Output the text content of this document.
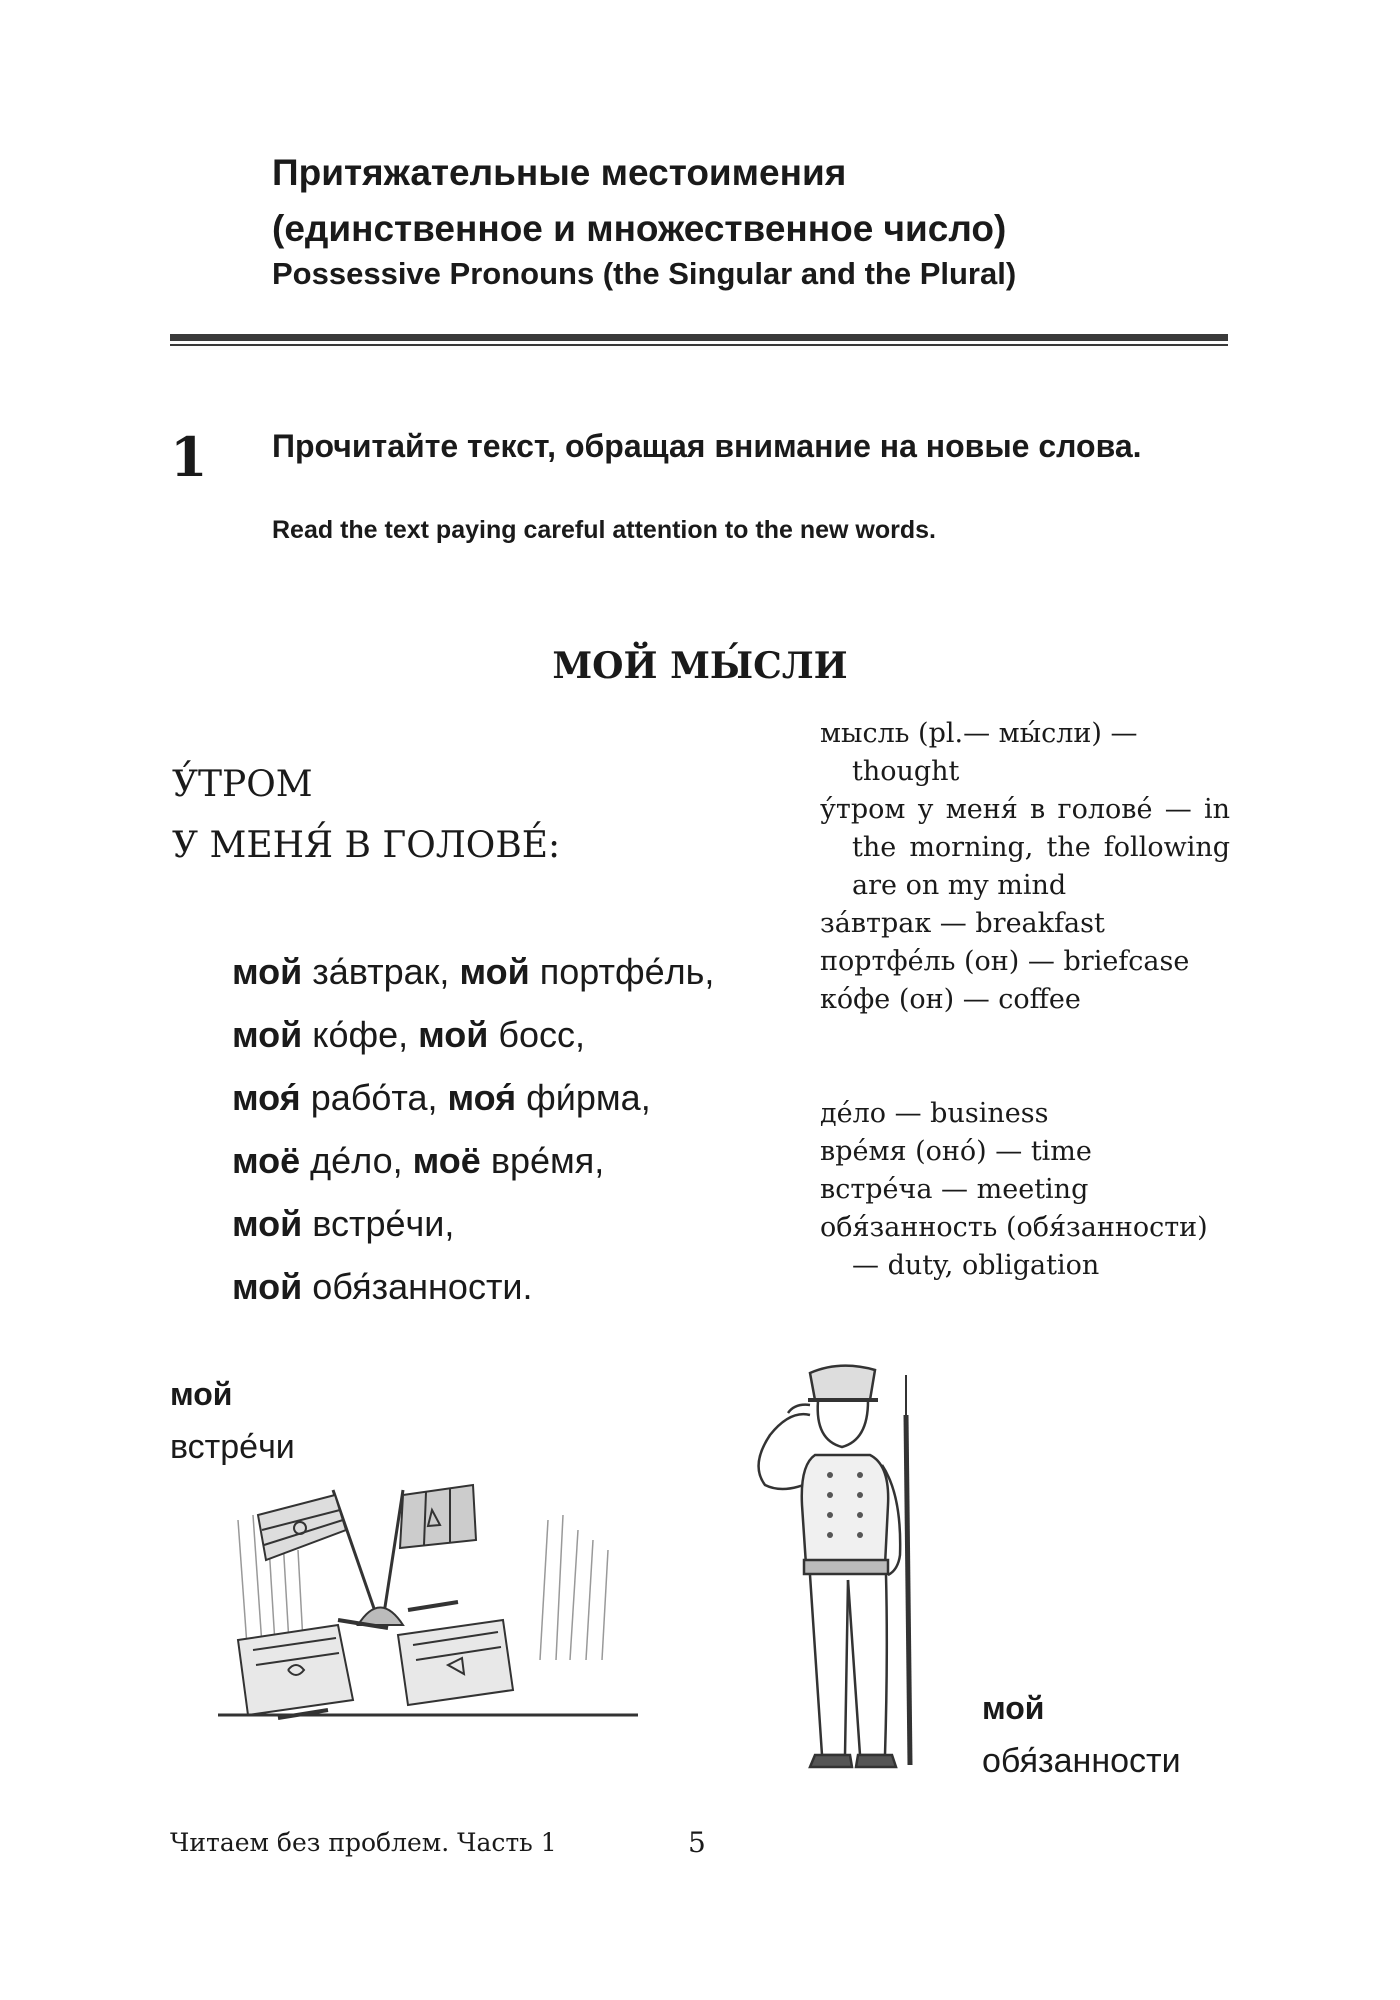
Притяжательные местоимения
(единственное и множественное число)
Possessive Pronouns (the Singular and the Plural)
1 Прочитайте текст, обращая внимание на новые слова.
Read the text paying careful attention to the new words.
МОЙ МЫ́СЛИ
У́ТРОМ
У МЕНЯ́ В ГОЛОВЕ́:
мой за́втрак, мой портфе́ль,
мой ко́фе, мой босс,
моя́ рабо́та, моя́ фи́рма,
моё де́ло, моё вре́мя,
мой встре́чи,
мой обя́занности.
мысль (pl.— мы́сли) — thought
у́тром у меня́ в голове́ — in the morning, the following are on my mind
за́втрак — breakfast
портфе́ль (он) — briefcase
ко́фе (он) — coffee
де́ло — business
вре́мя (оно́) — time
встре́ча — meeting
обя́занность (обя́занности) — duty, obligation
мой
встре́чи
мой
обя́занности
Читаем без проблем. Часть 1	5
